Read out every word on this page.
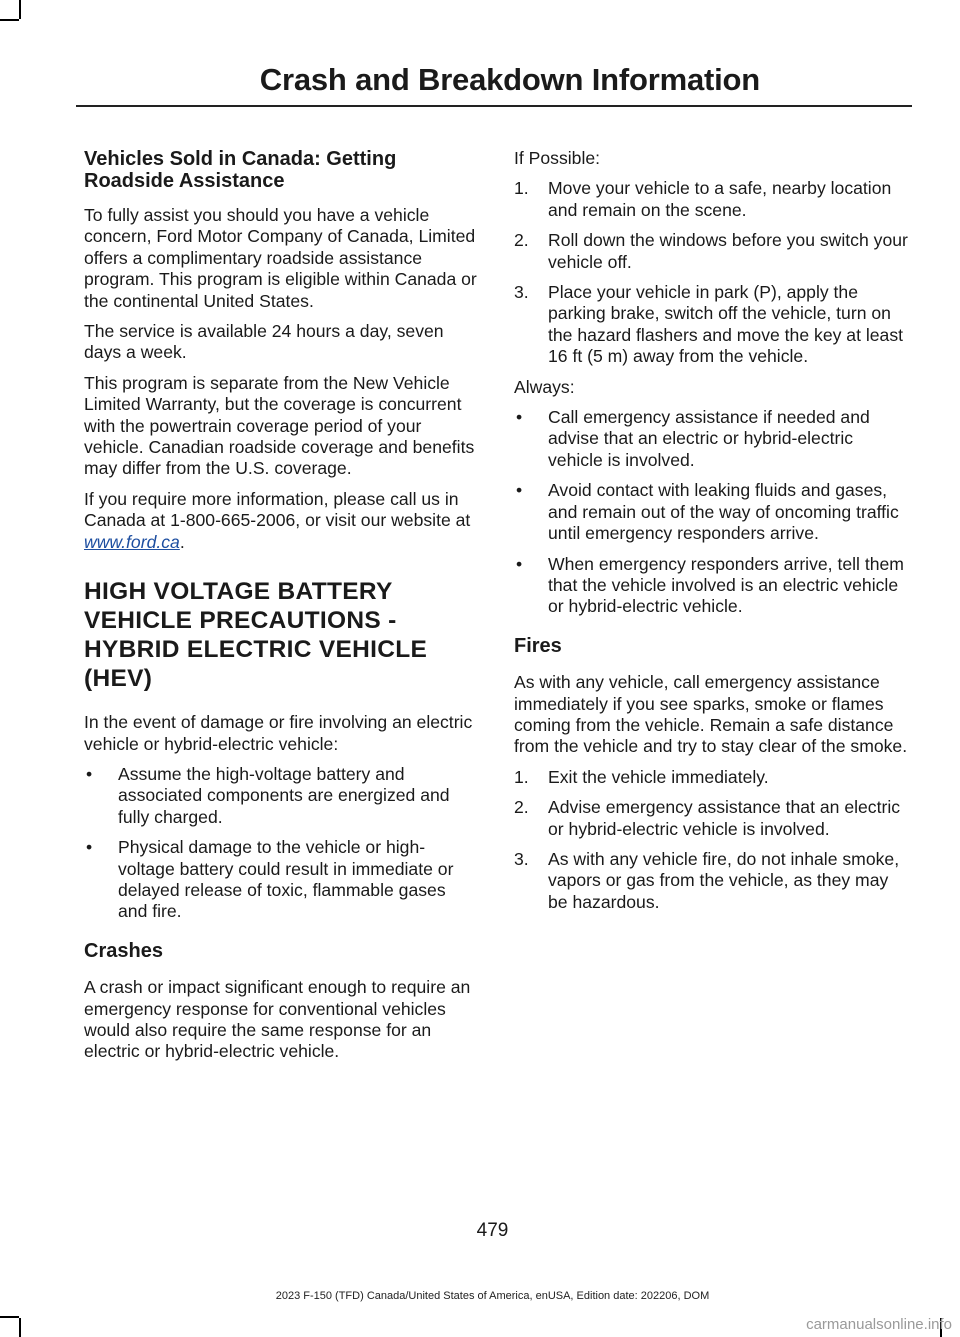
Crash and Breakdown Information
Vehicles Sold in Canada: Getting Roadside Assistance

To fully assist you should you have a vehicle concern, Ford Motor Company of Canada, Limited offers a complimentary roadside assistance program. This program is eligible within Canada or the continental United States.

The service is available 24 hours a day, seven days a week.

This program is separate from the New Vehicle Limited Warranty, but the coverage is concurrent with the powertrain coverage period of your vehicle. Canadian roadside coverage and benefits may differ from the U.S. coverage.

If you require more information, please call us in Canada at 1-800-665-2006, or visit our website at www.ford.ca.

HIGH VOLTAGE BATTERY VEHICLE PRECAUTIONS - HYBRID ELECTRIC VEHICLE (HEV)

In the event of damage or fire involving an electric vehicle or hybrid-electric vehicle:

• Assume the high-voltage battery and associated components are energized and fully charged.
• Physical damage to the vehicle or high-voltage battery could result in immediate or delayed release of toxic, flammable gases and fire.
Crashes

A crash or impact significant enough to require an emergency response for conventional vehicles would also require the same response for an electric or hybrid-electric vehicle.

If Possible:

1. Move your vehicle to a safe, nearby location and remain on the scene.
2. Roll down the windows before you switch your vehicle off.
3. Place your vehicle in park (P), apply the parking brake, switch off the vehicle, turn on the hazard flashers and move the key at least 16 ft (5 m) away from the vehicle.

Always:

• Call emergency assistance if needed and advise that an electric or hybrid-electric vehicle is involved.
• Avoid contact with leaking fluids and gases, and remain out of the way of oncoming traffic until emergency responders arrive.
• When emergency responders arrive, tell them that the vehicle involved is an electric vehicle or hybrid-electric vehicle.
Fires

As with any vehicle, call emergency assistance immediately if you see sparks, smoke or flames coming from the vehicle. Remain a safe distance from the vehicle and try to stay clear of the smoke.

1. Exit the vehicle immediately.
2. Advise emergency assistance that an electric or hybrid-electric vehicle is involved.
3. As with any vehicle fire, do not inhale smoke, vapors or gas from the vehicle, as they may be hazardous.
479
2023 F-150 (TFD) Canada/United States of America, enUSA, Edition date: 202206, DOM
carmanualsonline.info
